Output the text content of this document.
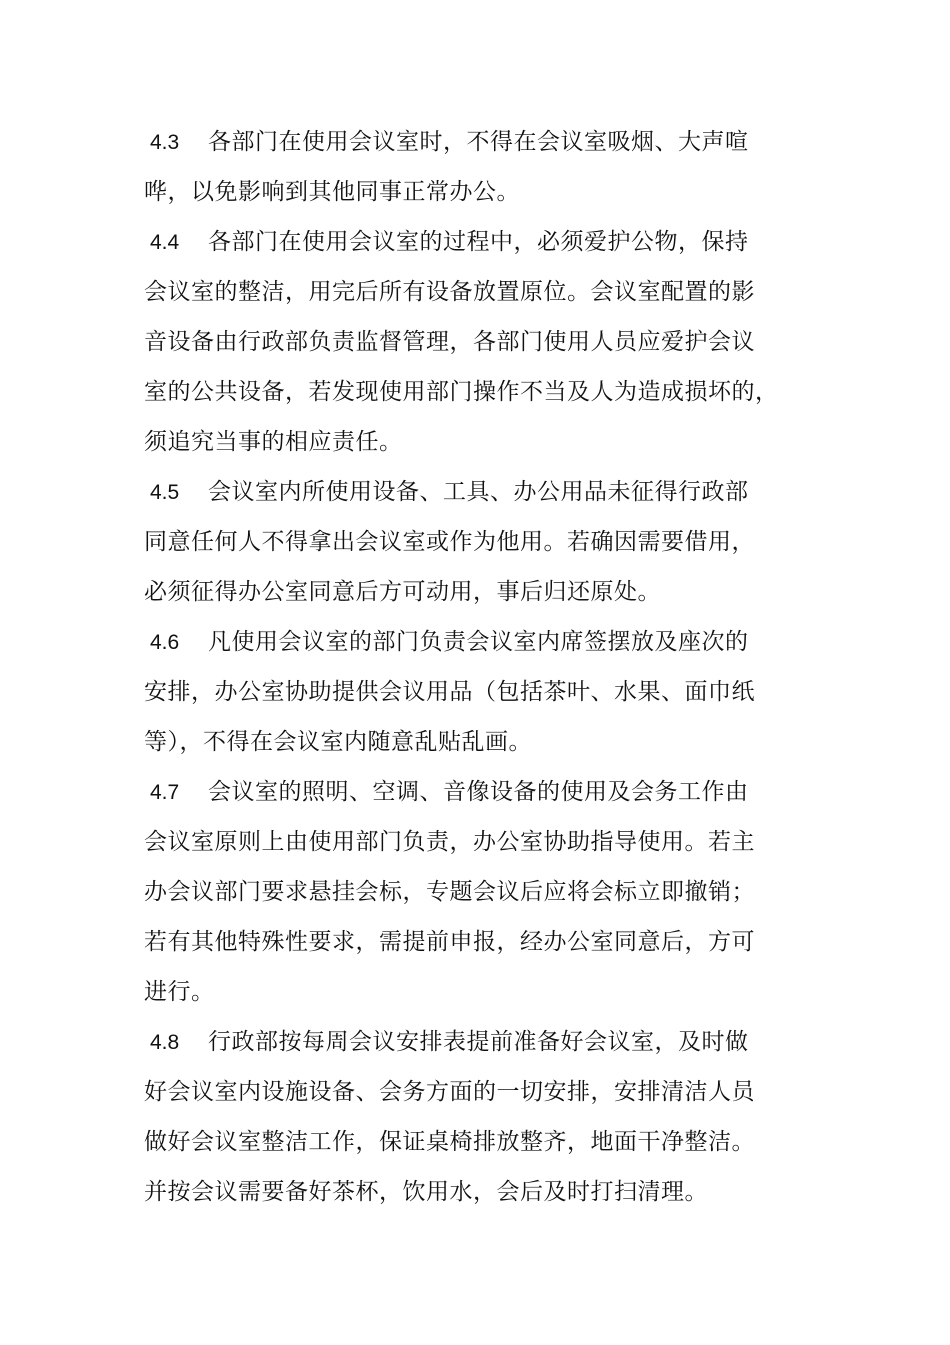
4.3 各部门在使用会议室时，不得在会议室吸烟、大声喧
哗，以免影响到其他同事正常办公。
4.4 各部门在使用会议室的过程中，必须爱护公物，保持
会议室的整洁，用完后所有设备放置原位。会议室配置的影
音设备由行政部负责监督管理，各部门使用人员应爱护会议
室的公共设备，若发现使用部门操作不当及人为造成损坏的，
须追究当事的相应责任。
4.5 会议室内所使用设备、工具、办公用品未征得行政部
同意任何人不得拿出会议室或作为他用。若确因需要借用，
必须征得办公室同意后方可动用，事后归还原处。
4.6 凡使用会议室的部门负责会议室内席签摆放及座次的
安排，办公室协助提供会议用品（包括茶叶、水果、面巾纸
等），不得在会议室内随意乱贴乱画。
4.7 会议室的照明、空调、音像设备的使用及会务工作由
会议室原则上由使用部门负责，办公室协助指导使用。若主
办会议部门要求悬挂会标，专题会议后应将会标立即撤销；
若有其他特殊性要求，需提前申报，经办公室同意后，方可
进行。
4.8 行政部按每周会议安排表提前准备好会议室，及时做
好会议室内设施设备、会务方面的一切安排，安排清洁人员
做好会议室整洁工作，保证桌椅排放整齐，地面干净整洁。
并按会议需要备好茶杯，饮用水，会后及时打扫清理。
